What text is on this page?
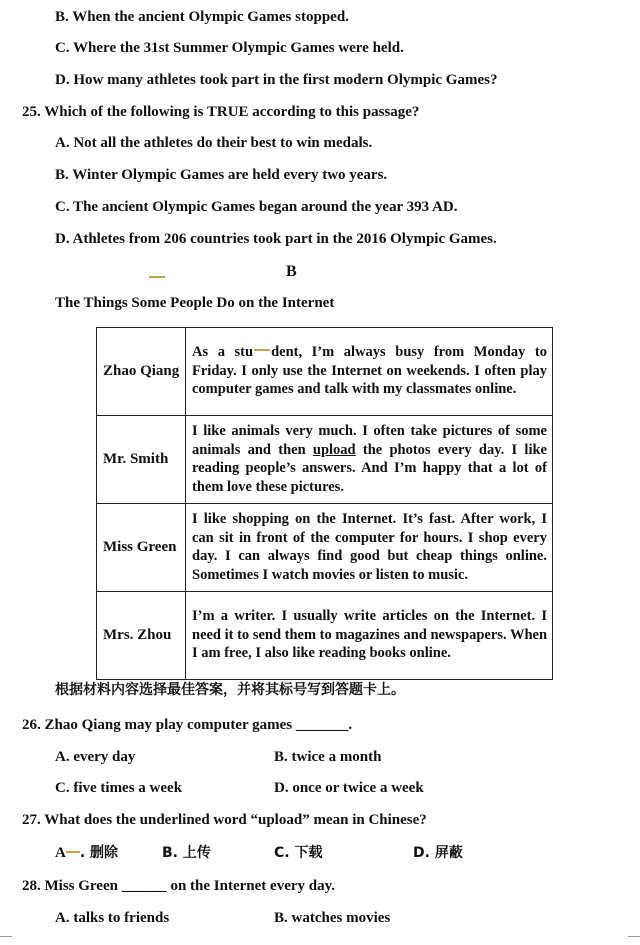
B. When the ancient Olympic Games stopped.
C. Where the 31st Summer Olympic Games were held.
D. How many athletes took part in the first modern Olympic Games?
25. Which of the following is TRUE according to this passage?
A. Not all the athletes do their best to win medals.
B. Winter Olympic Games are held every two years.
C. The ancient Olympic Games began around the year 393 AD.
D. Athletes from 206 countries took part in the 2016 Olympic Games.
B
The Things Some People Do on the Internet
Zhao Qiang	As a stu dent, I’m always busy from Monday to Friday. I only use the Internet on weekends. I often play computer games and talk with my classmates online.
Mr. Smith	I like animals very much. I often take pictures of some animals and then upload the photos every day. I like reading people’s answers. And I’m happy that a lot of them love these pictures.
Miss Green	I like shopping on the Internet. It’s fast. After work, I can sit in front of the computer for hours. I shop every day. I can always find good but cheap things online. Sometimes I watch movies or listen to music.
Mrs. Zhou	I’m a writer. I usually write articles on the Internet. I need it to send them to magazines and newspapers. When I am free, I also like reading books online.
根据材料内容选择最佳答案，并将其标号写到答题卡上。
26. Zhao Qiang may play computer games _______.
A. every day	B. twice a month
C. five times a week	D. once or twice a week
27. What does the underlined word “upload” mean in Chinese?
A . 删除	B. 上传	C. 下载	D. 屏蔽
28. Miss Green ______ on the Internet every day.
A. talks to friends	B. watches movies
